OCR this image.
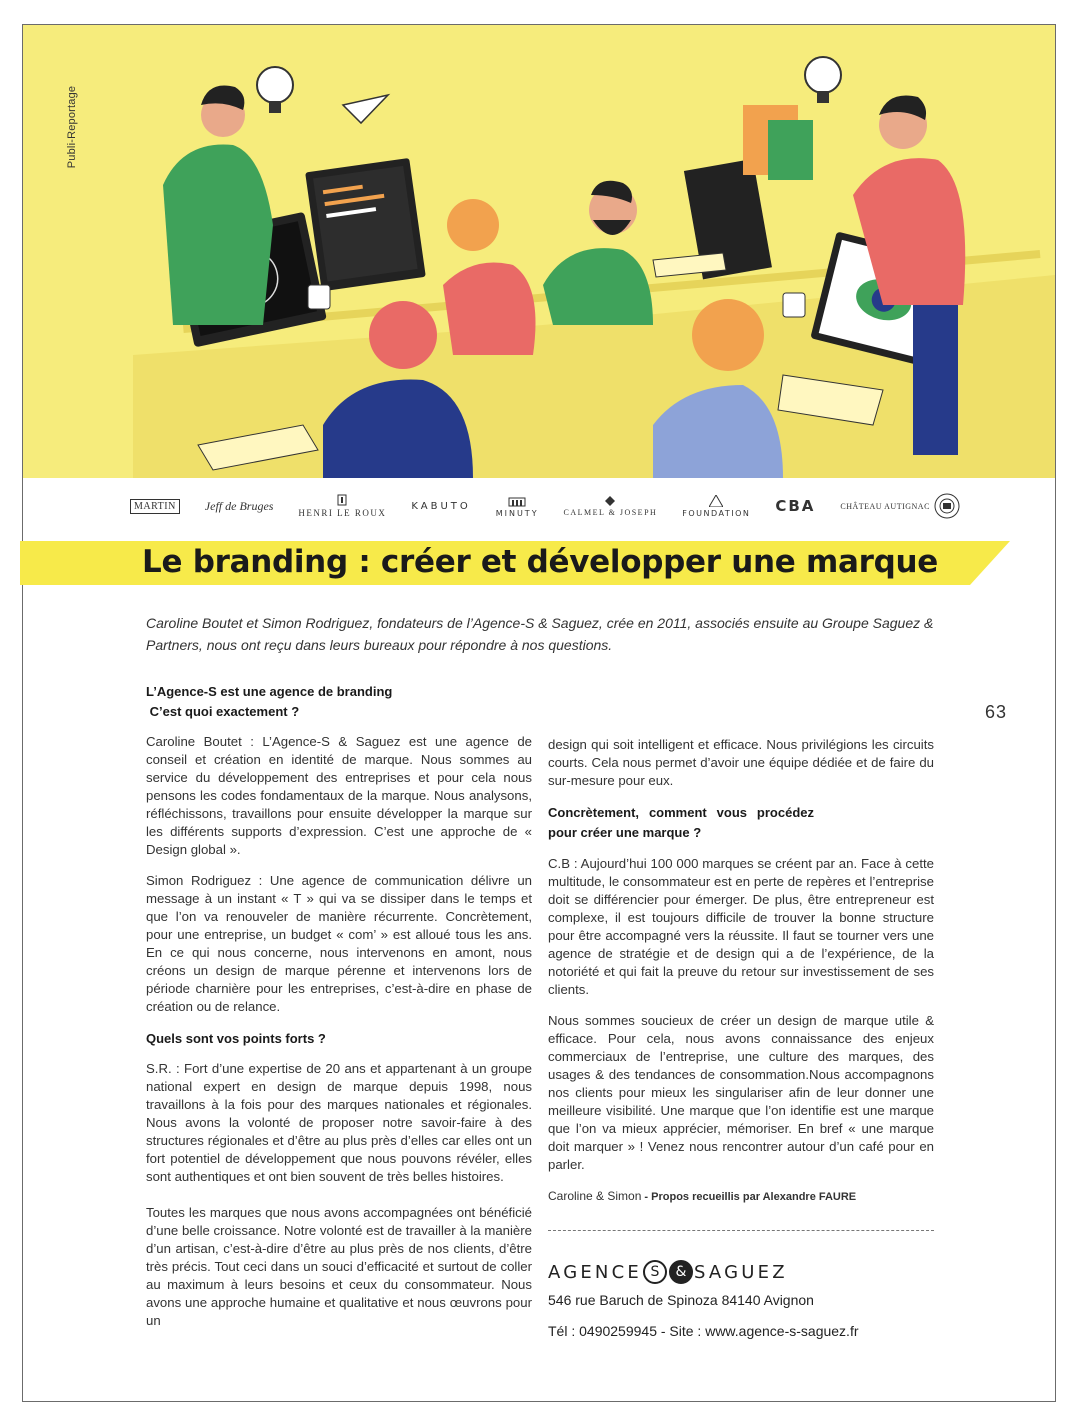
Publi-Reportage
MARTIN	Jeff de Bruges
HENRI LE ROUX
KABUTO
MINUTY	CALMEL & JOSEPH	FOUNDATION CBA	CHÂTEAU AUTIGNAC
Le branding : créer et développer une marque

Caroline Boutet et Simon Rodriguez, fondateurs de l’Agence-S & Saguez, crée en 2011, associés ensuite au Groupe Saguez & Partners, nous ont reçu dans leurs bureaux pour répondre à nos questions.

63
L’Agence-S est une agence de branding
C’est quoi exactement ?

Caroline Boutet : L’Agence-S & Saguez est une agence de conseil et création en identité de marque. Nous sommes au service du développement des entreprises et pour cela nous pensons les codes fondamentaux de la marque. Nous analysons, réfléchissons, travaillons pour ensuite développer la marque sur les différents supports d’expression. C’est une approche de « Design global ».

Simon Rodriguez : Une agence de communication délivre un message à un instant « T » qui va se dissiper dans le temps et que l’on va renouveler de manière récurrente. Concrètement, pour une entreprise, un budget « com’ » est alloué tous les ans. En ce qui nous concerne, nous intervenons en amont, nous créons un design de marque pérenne et intervenons lors de période charnière pour les entreprises, c’est-à-dire en phase de création ou de relance.

Quels sont vos points forts ?

S.R. : Fort d’une expertise de 20 ans et appartenant à un groupe national expert en design de marque depuis 1998, nous travaillons à la fois pour des marques nationales et régionales. Nous avons la volonté de proposer notre savoir-faire à des structures régionales et d’être au plus près d’elles car elles ont un fort potentiel de développement que nous pouvons révéler, elles sont authentiques et ont bien souvent de très belles histoires.

Toutes les marques que nous avons accompagnées ont bénéficié d’une belle croissance. Notre volonté est de travailler à la manière d’un artisan, c’est-à-dire d’être au plus près de nos clients, d’être très précis. Tout ceci dans un souci d’efficacité et surtout de coller au maximum à leurs besoins et ceux du consommateur. Nous avons une approche humaine et qualitative et nous œuvrons pour un

design qui soit intelligent et efficace. Nous privilégions les circuits courts. Cela nous permet d’avoir une équipe dédiée et de faire du sur-mesure pour eux.

Concrètement, comment vous procédez pour créer une marque ?

C.B : Aujourd’hui 100 000 marques se créent par an. Face à cette multitude, le consommateur est en perte de repères et l’entreprise doit se différencier pour émerger. De plus, être entrepreneur est complexe, il est toujours difficile de trouver la bonne structure pour être accompagné vers la réussite. Il faut se tourner vers une agence de stratégie et de design qui a de l’expérience, de la notoriété et qui fait la preuve du retour sur investissement de ses clients.

Nous sommes soucieux de créer un design de marque utile & efficace. Pour cela, nous avons connaissance des enjeux commerciaux de l’entreprise, une culture des marques, des usages & des tendances de consommation.Nous accompagnons nos clients pour mieux les singulariser afin de leur donner une meilleure visibilité. Une marque que l’on identifie est une marque que l’on va mieux apprécier, mémoriser. En bref « une marque doit marquer » ! Venez nous rencontrer autour d’un café pour en parler.

Caroline & Simon - Propos recueillis par Alexandre FAURE
AGENCE S	& SAGUEZ
546 rue Baruch de Spinoza 84140 Avignon
Tél : 0490259945 - Site : www.agence-s-saguez.fr
